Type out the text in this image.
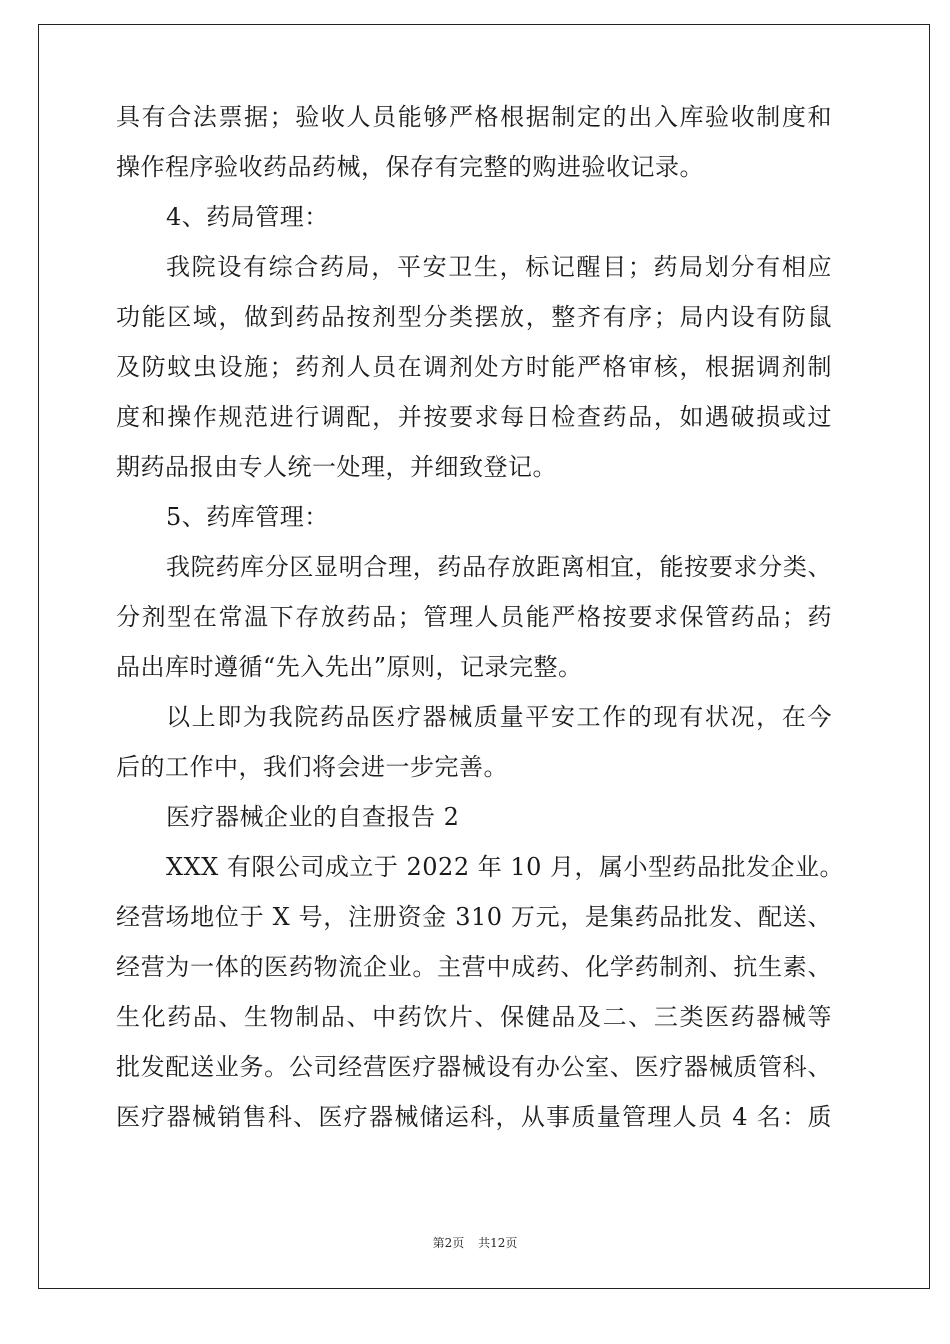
具有合法票据；验收人员能够严格根据制定的出入库验收制度和
操作程序验收药品药械，保存有完整的购进验收记录。
4、药局管理：
我院设有综合药局，平安卫生，标记醒目；药局划分有相应
功能区域，做到药品按剂型分类摆放，整齐有序；局内设有防鼠
及防蚊虫设施；药剂人员在调剂处方时能严格审核，根据调剂制
度和操作规范进行调配，并按要求每日检查药品，如遇破损或过
期药品报由专人统一处理，并细致登记。
5、药库管理：
我院药库分区显明合理，药品存放距离相宜，能按要求分类、
分剂型在常温下存放药品；管理人员能严格按要求保管药品；药
品出库时遵循“先入先出”原则，记录完整。
以上即为我院药品医疗器械质量平安工作的现有状况，在今
后的工作中，我们将会进一步完善。
医疗器械企业的自查报告 2
XXX 有限公司成立于 2022 年 10 月，属小型药品批发企业。
经营场地位于 X 号，注册资金 310 万元，是集药品批发、配送、
经营为一体的医药物流企业。主营中成药、化学药制剂、抗生素、
生化药品、生物制品、中药饮片、保健品及二、三类医药器械等
批发配送业务。公司经营医疗器械设有办公室、医疗器械质管科、
医疗器械销售科、医疗器械储运科，从事质量管理人员 4 名：质
第2页 共12页
